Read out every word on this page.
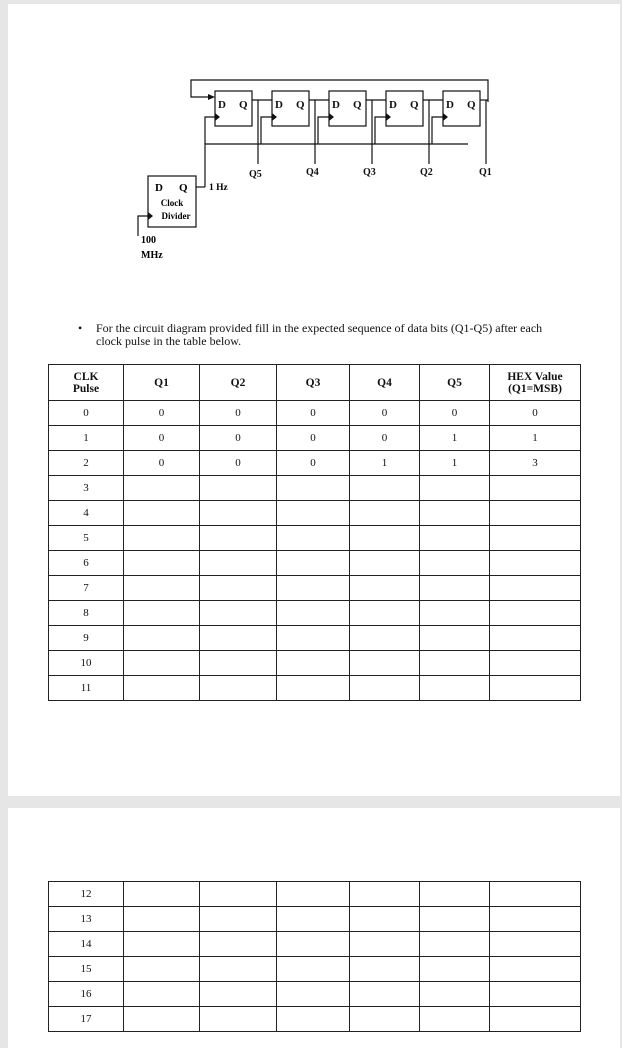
D Q D Q D Q D Q D Q
Q5	Q4	Q3	Q2	Q1
D Q
Clock
Divider
1 Hz
100
MHz
• For the circuit diagram provided fill in the expected sequence of data bits (Q1-Q5) after each clock pulse in the table below.
CLK
Pulse	Q1	Q2	Q3	Q4	Q5	HEX Value
(Q1=MSB)
0	0	0	0	0	0	0
1	0	0	0	0	1	1
2	0	0	0	1	1	3
3						
4						
5						
6						
7						
8						
9						
10						
11						
12						
13						
14						
15						
16						
17						
